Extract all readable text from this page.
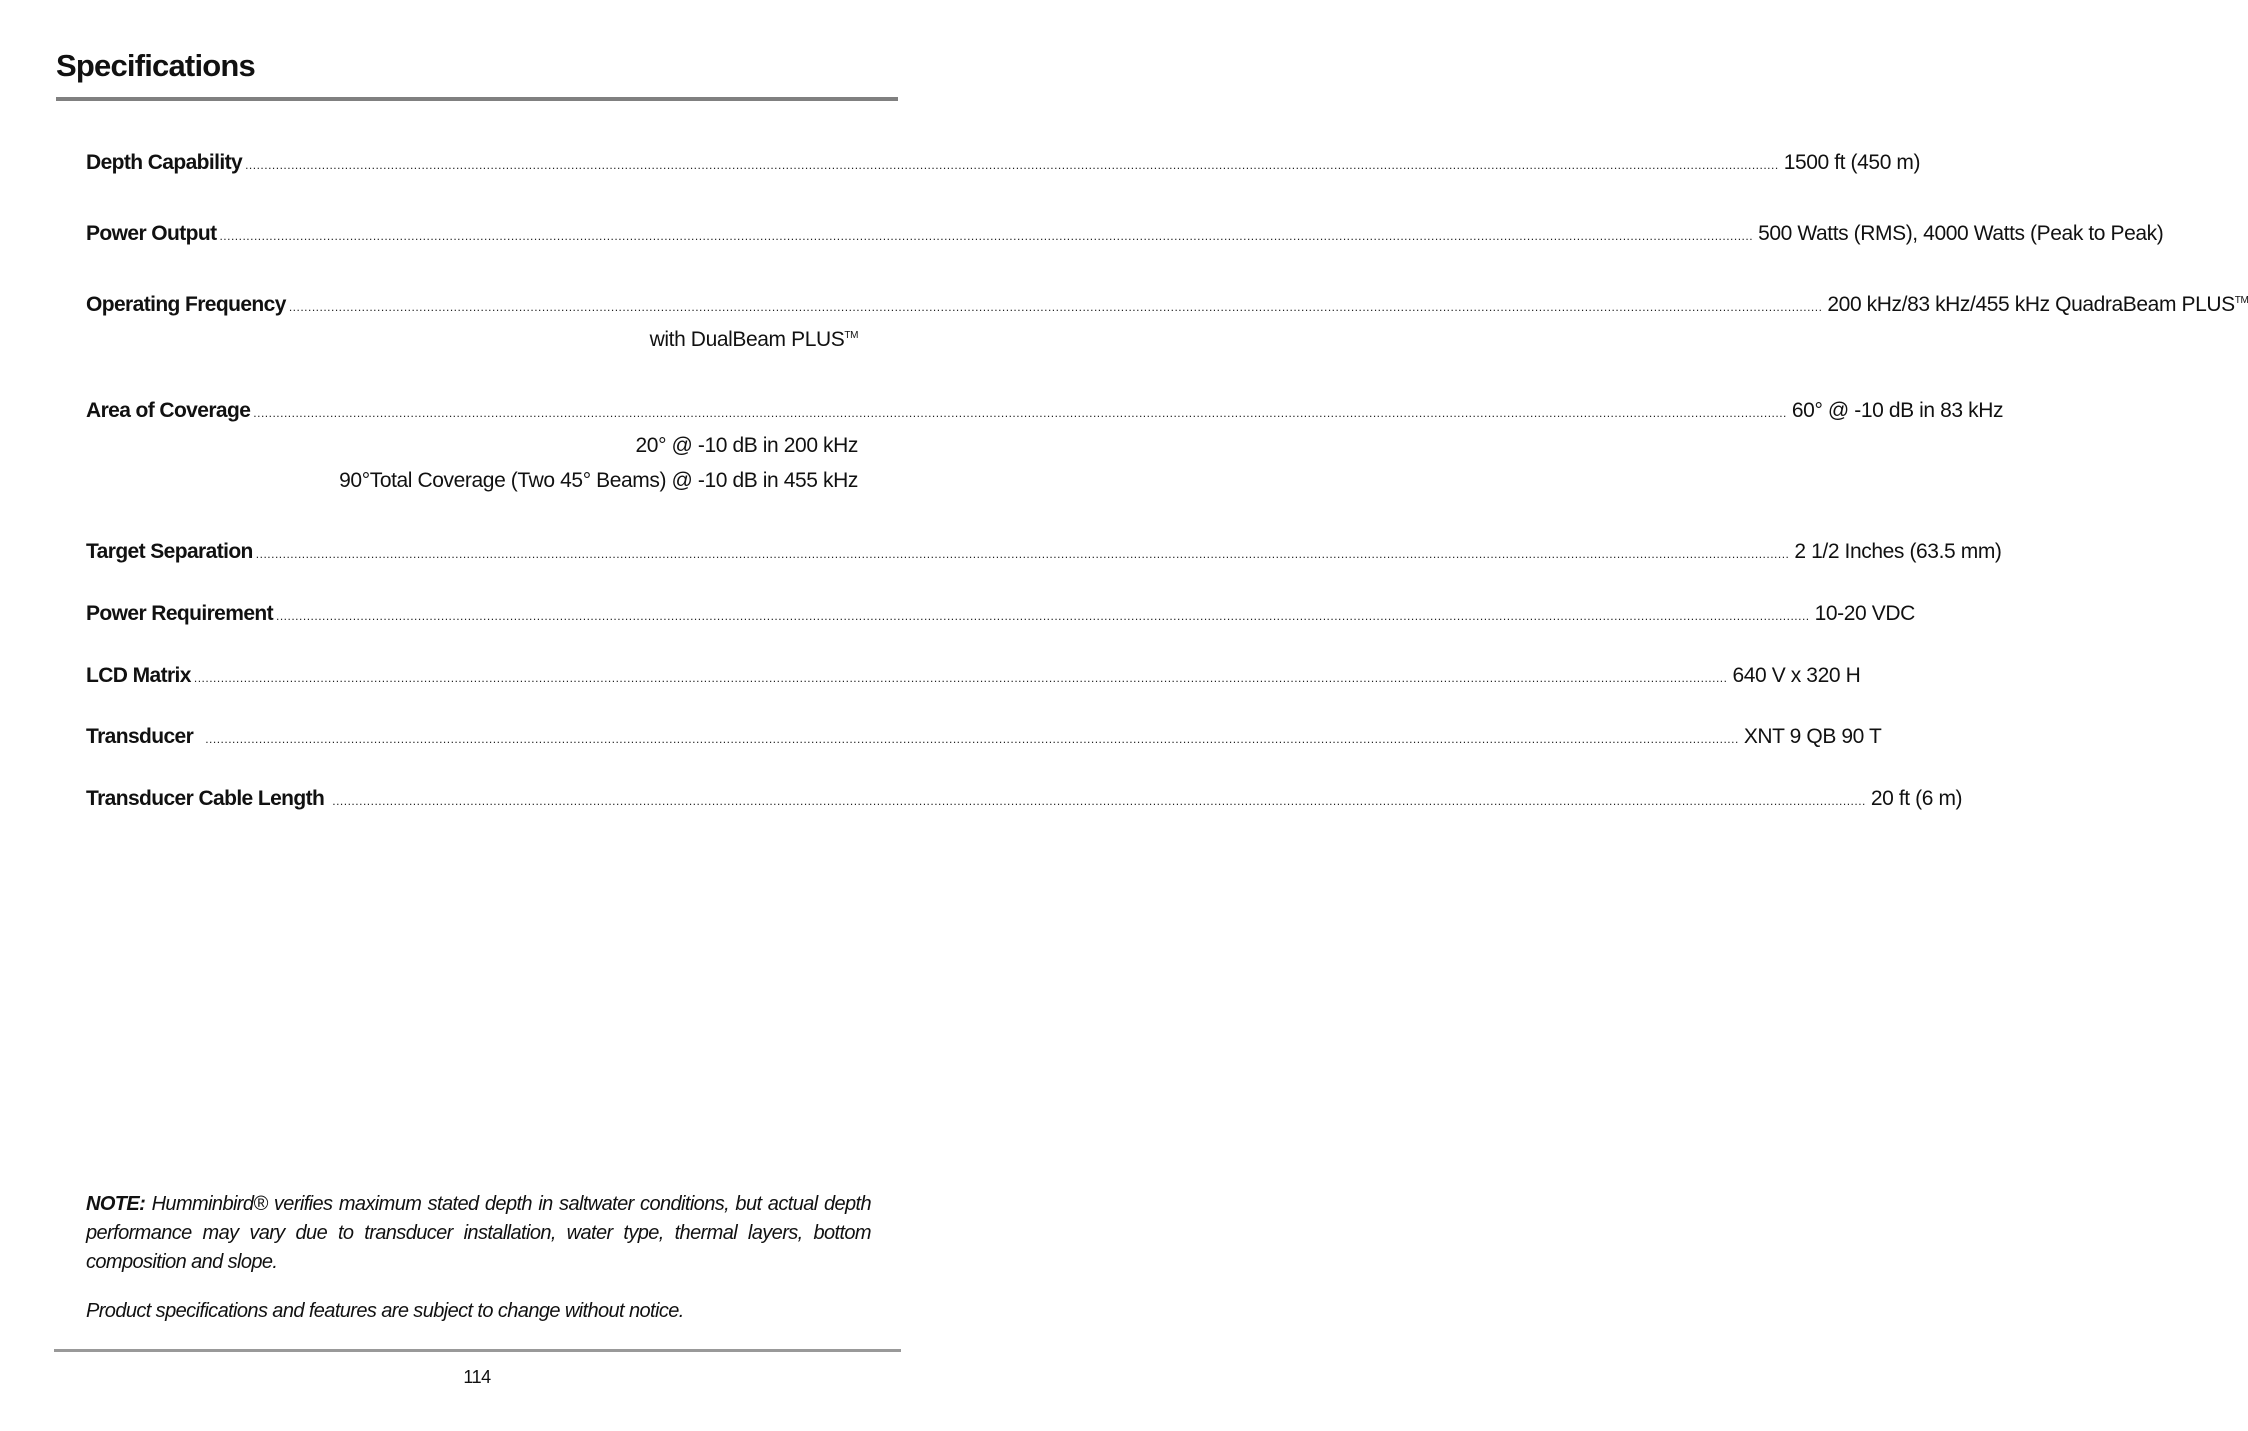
Specifications
Depth Capability ................................................................................................................................................................................................................................................................................................................................................................................................................ 1500 ft (450 m)
Power Output ................................................................................................................................................................................................................................................................................................................................................................................................................ 500 Watts (RMS), 4000 Watts (Peak to Peak)
Operating Frequency ................................................................................................................................................................................................................................................................................................................................................................................................................ 200 kHz/83 kHz/455 kHz QuadraBeam PLUS™
with DualBeam PLUS™
Area of Coverage ................................................................................................................................................................................................................................................................................................................................................................................................................ 60° @ -10 dB in 83 kHz
20° @ -10 dB in 200 kHz
90°Total Coverage (Two 45° Beams) @ -10 dB in 455 kHz
Target Separation ................................................................................................................................................................................................................................................................................................................................................................................................................ 2 1/2 Inches (63.5 mm)
Power Requirement ................................................................................................................................................................................................................................................................................................................................................................................................................ 10-20 VDC
LCD Matrix ................................................................................................................................................................................................................................................................................................................................................................................................................ 640 V x 320 H
Transducer ................................................................................................................................................................................................................................................................................................................................................................................................................ XNT 9 QB 90 T
Transducer Cable Length ................................................................................................................................................................................................................................................................................................................................................................................................................ 20 ft (6 m)

NOTE: Humminbird® verifies maximum stated depth in saltwater conditions, but actual depth performance may vary due to transducer installation, water type, thermal layers, bottom composition and slope.

Product specifications and features are subject to change without notice.

114
